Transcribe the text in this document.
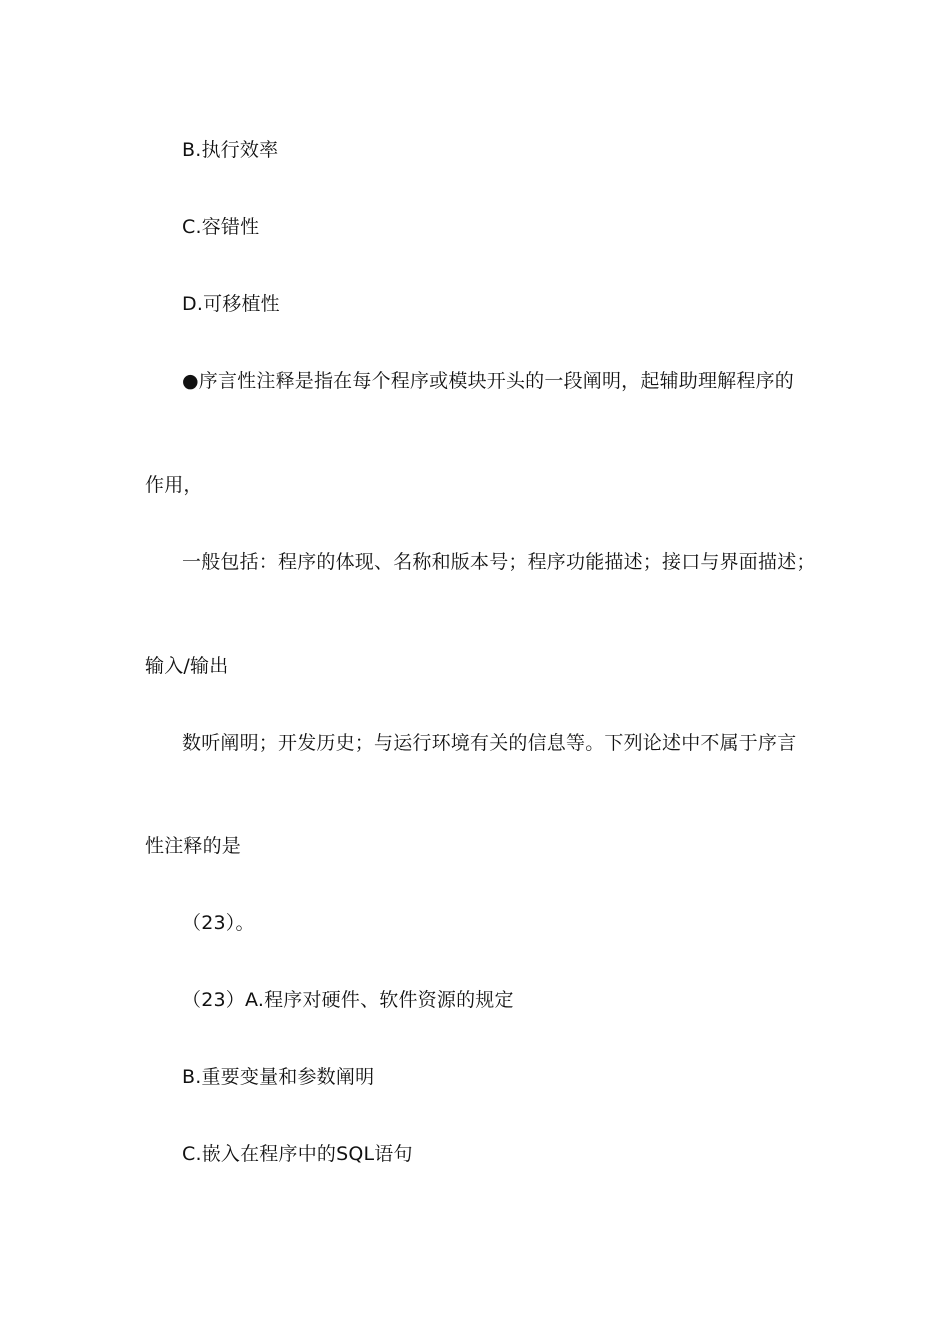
B.执行效率
C.容错性
D.可移植性
●序言性注释是指在每个程序或模块开头的一段阐明，起辅助理解程序的
作用，
一般包括：程序的体现、名称和版本号；程序功能描述；接口与界面描述；
输入/输出
数听阐明；开发历史；与运行环境有关的信息等。下列论述中不属于序言
性注释的是
（23）。
（23）A.程序对硬件、软件资源的规定
B.重要变量和参数阐明
C.嵌入在程序中的SQL语句
